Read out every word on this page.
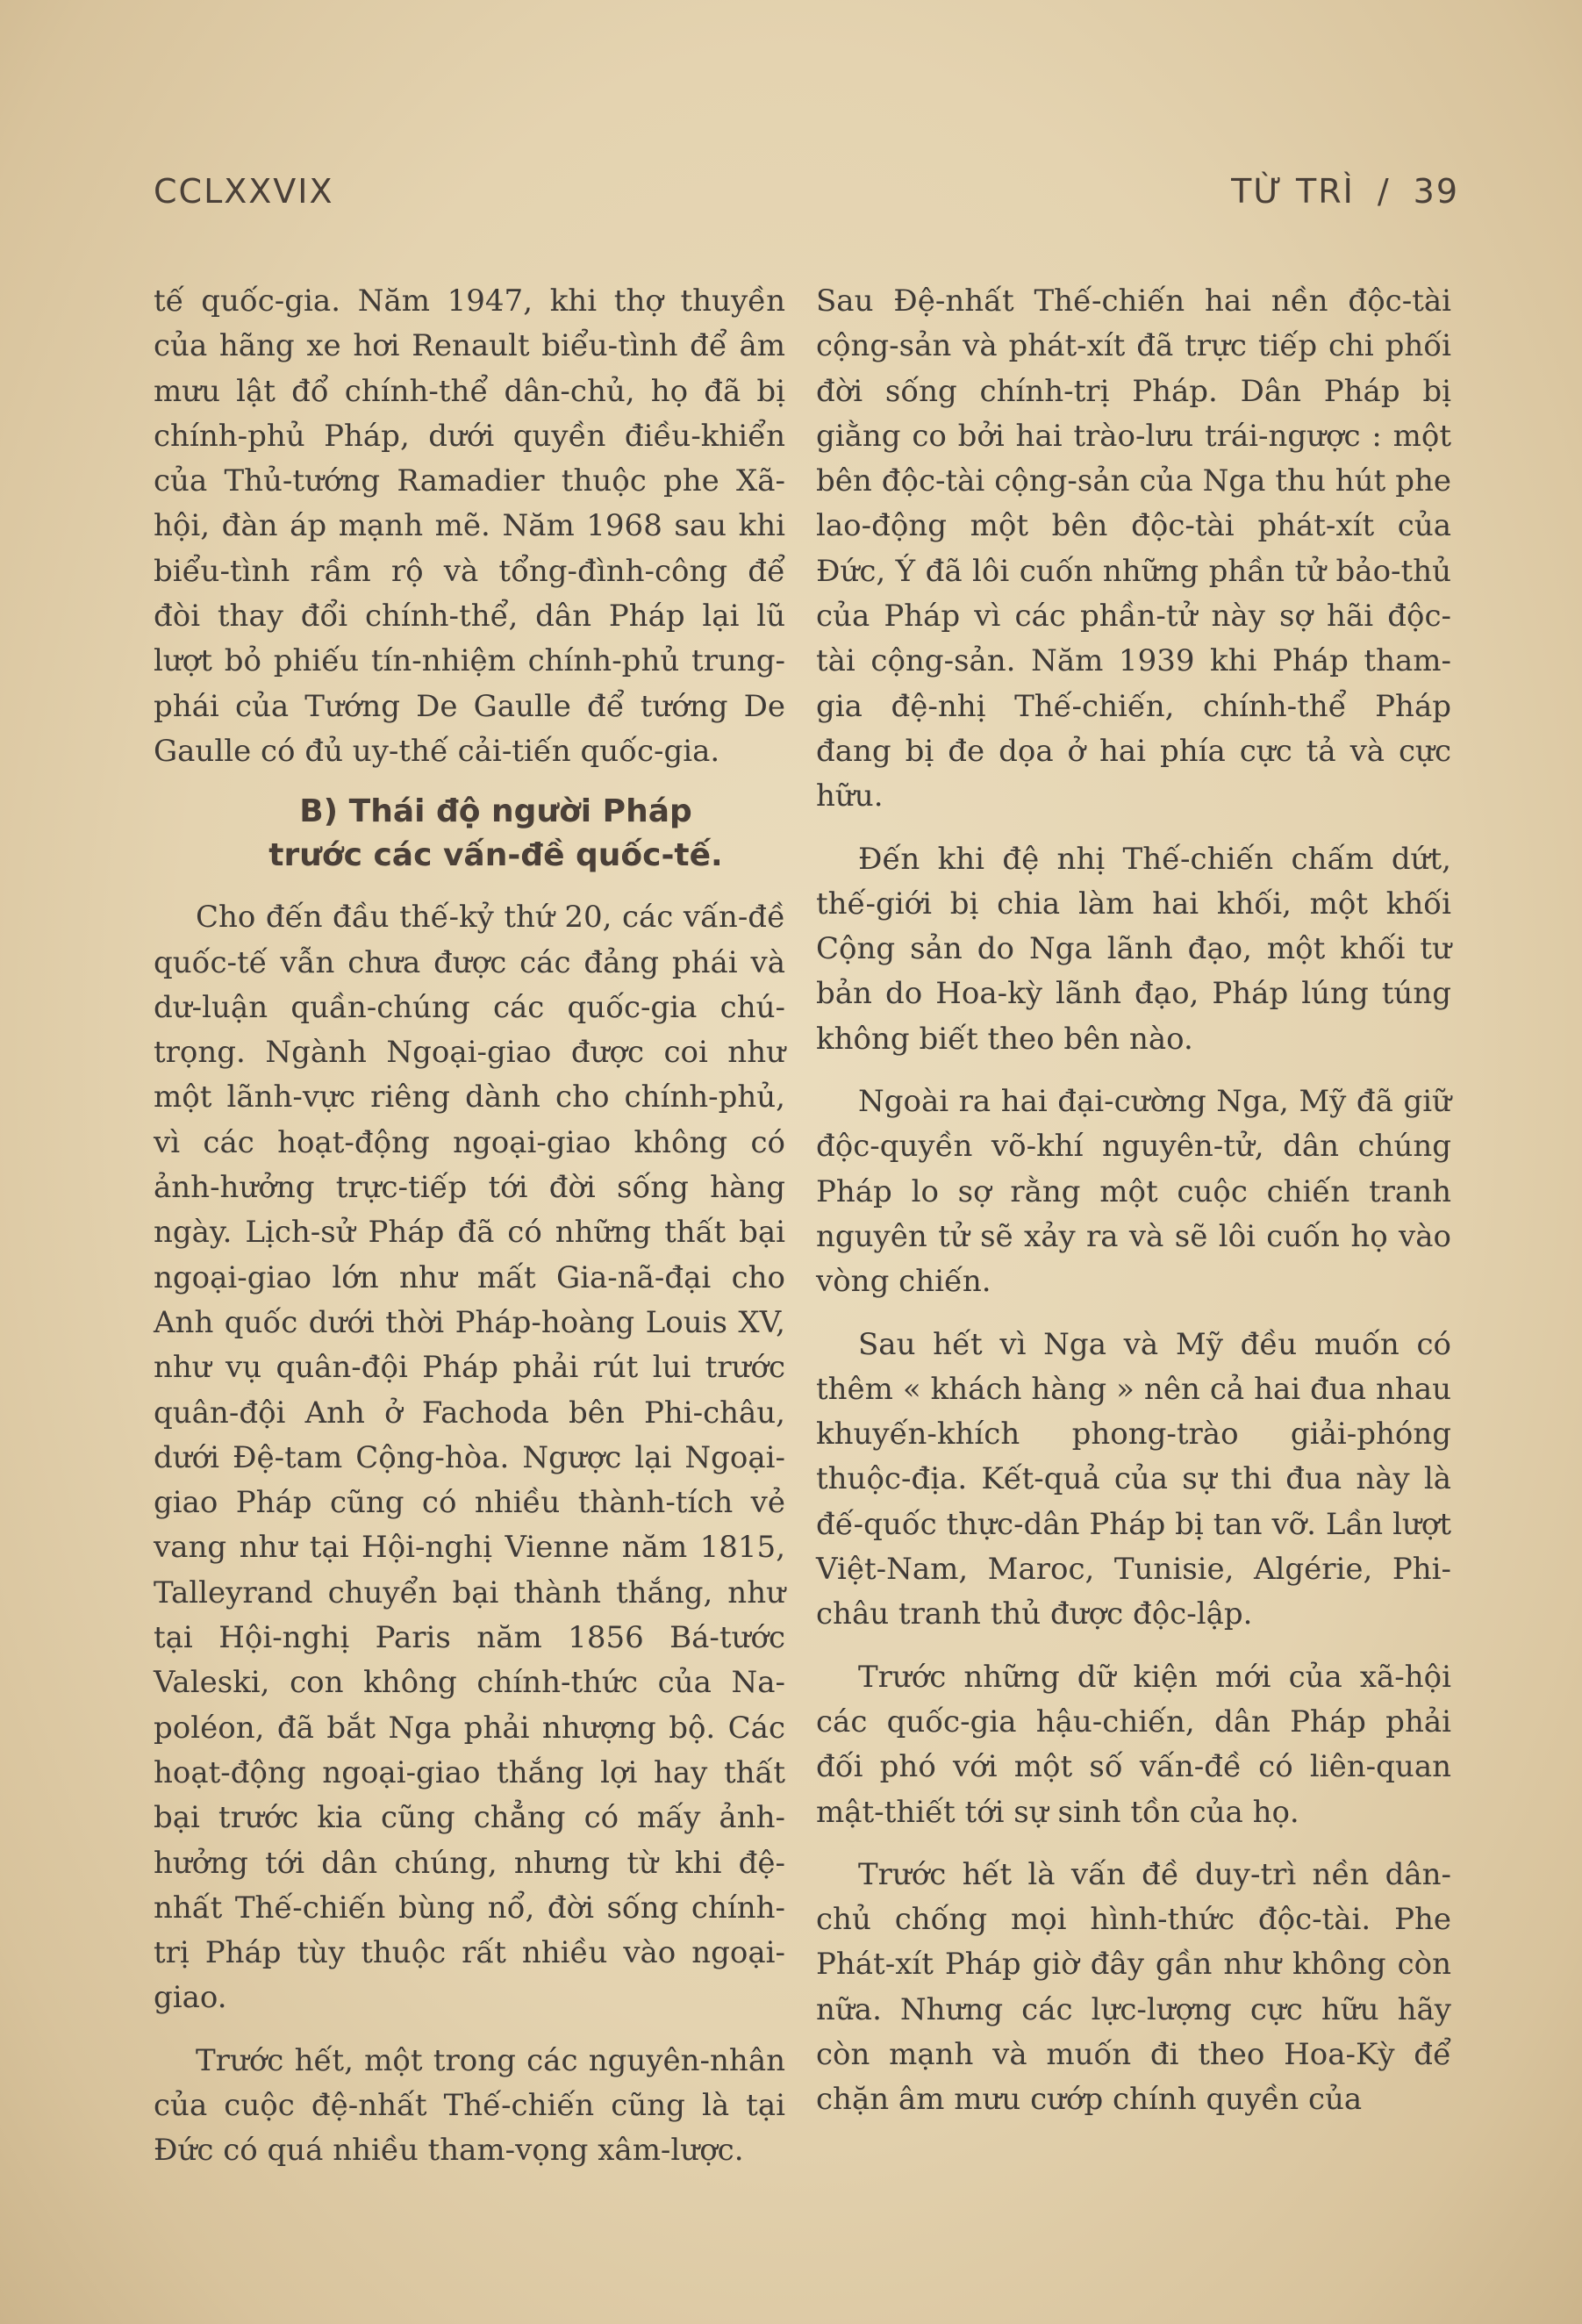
CCLXXVIX	TỪ TRÌ / 39

tế quốc-gia. Năm 1947, khi thợ thuyền của hãng xe hơi Renault biểu-tình để âm mưu lật đổ chính-thể dân-chủ, họ đã bị chính-phủ Pháp, dưới quyền điều-khiển của Thủ-tướng Ramadier thuộc phe Xã-hội, đàn áp mạnh mẽ. Năm 1968 sau khi biểu-tình rầm rộ và tổng-đình-công để đòi thay đổi chính-thể, dân Pháp lại lũ lượt bỏ phiếu tín-nhiệm chính-phủ trung-phái của Tướng De Gaulle để tướng De Gaulle có đủ uy-thế cải-tiến quốc-gia.

B) Thái độ người Pháp
trước các vấn-đề quốc-tế.

Cho đến đầu thế-kỷ thứ 20, các vấn-đề quốc-tế vẫn chưa được các đảng phái và dư-luận quần-chúng các quốc-gia chú-trọng. Ngành Ngoại-giao được coi như một lãnh-vực riêng dành cho chính-phủ, vì các hoạt-động ngoại-giao không có ảnh-hưởng trực-tiếp tới đời sống hàng ngày. Lịch-sử Pháp đã có những thất bại ngoại-giao lớn như mất Gia-nã-đại cho Anh quốc dưới thời Pháp-hoàng Louis XV, như vụ quân-đội Pháp phải rút lui trước quân-đội Anh ở Fachoda bên Phi-châu, dưới Đệ-tam Cộng-hòa. Ngược lại Ngoại-giao Pháp cũng có nhiều thành-tích vẻ vang như tại Hội-nghị Vienne năm 1815, Talleyrand chuyển bại thành thắng, như tại Hội-nghị Paris năm 1856 Bá-tước Valeski, con không chính-thức của Na-poléon, đã bắt Nga phải nhượng bộ. Các hoạt-động ngoại-giao thắng lợi hay thất bại trước kia cũng chẳng có mấy ảnh-hưởng tới dân chúng, nhưng từ khi đệ-nhất Thế-chiến bùng nổ, đời sống chính-trị Pháp tùy thuộc rất nhiều vào ngoại-giao.

Trước hết, một trong các nguyên-nhân của cuộc đệ-nhất Thế-chiến cũng là tại Đức có quá nhiều tham-vọng xâm-lược.

Sau Đệ-nhất Thế-chiến hai nền độc-tài cộng-sản và phát-xít đã trực tiếp chi phối đời sống chính-trị Pháp. Dân Pháp bị giằng co bởi hai trào-lưu trái-ngược : một bên độc-tài cộng-sản của Nga thu hút phe lao-động một bên độc-tài phát-xít của Đức, Ý đã lôi cuốn những phần tử bảo-thủ của Pháp vì các phần-tử này sợ hãi độc-tài cộng-sản. Năm 1939 khi Pháp tham-gia đệ-nhị Thế-chiến, chính-thể Pháp đang bị đe dọa ở hai phía cực tả và cực hữu.

Đến khi đệ nhị Thế-chiến chấm dứt, thế-giới bị chia làm hai khối, một khối Cộng sản do Nga lãnh đạo, một khối tư bản do Hoa-kỳ lãnh đạo, Pháp lúng túng không biết theo bên nào.

Ngoài ra hai đại-cường Nga, Mỹ đã giữ độc-quyền võ-khí nguyên-tử, dân chúng Pháp lo sợ rằng một cuộc chiến tranh nguyên tử sẽ xảy ra và sẽ lôi cuốn họ vào vòng chiến.

Sau hết vì Nga và Mỹ đều muốn có thêm « khách hàng » nên cả hai đua nhau khuyến-khích phong-trào giải-phóng thuộc-địa. Kết-quả của sự thi đua này là đế-quốc thực-dân Pháp bị tan vỡ. Lần lượt Việt-Nam, Maroc, Tunisie, Algérie, Phi-châu tranh thủ được độc-lập.

Trước những dữ kiện mới của xã-hội các quốc-gia hậu-chiến, dân Pháp phải đối phó với một số vấn-đề có liên-quan mật-thiết tới sự sinh tồn của họ.

Trước hết là vấn đề duy-trì nền dân-chủ chống mọi hình-thức độc-tài. Phe Phát-xít Pháp giờ đây gần như không còn nữa. Nhưng các lực-lượng cực hữu hãy còn mạnh và muốn đi theo Hoa-Kỳ để chặn âm mưu cướp chính quyền của
